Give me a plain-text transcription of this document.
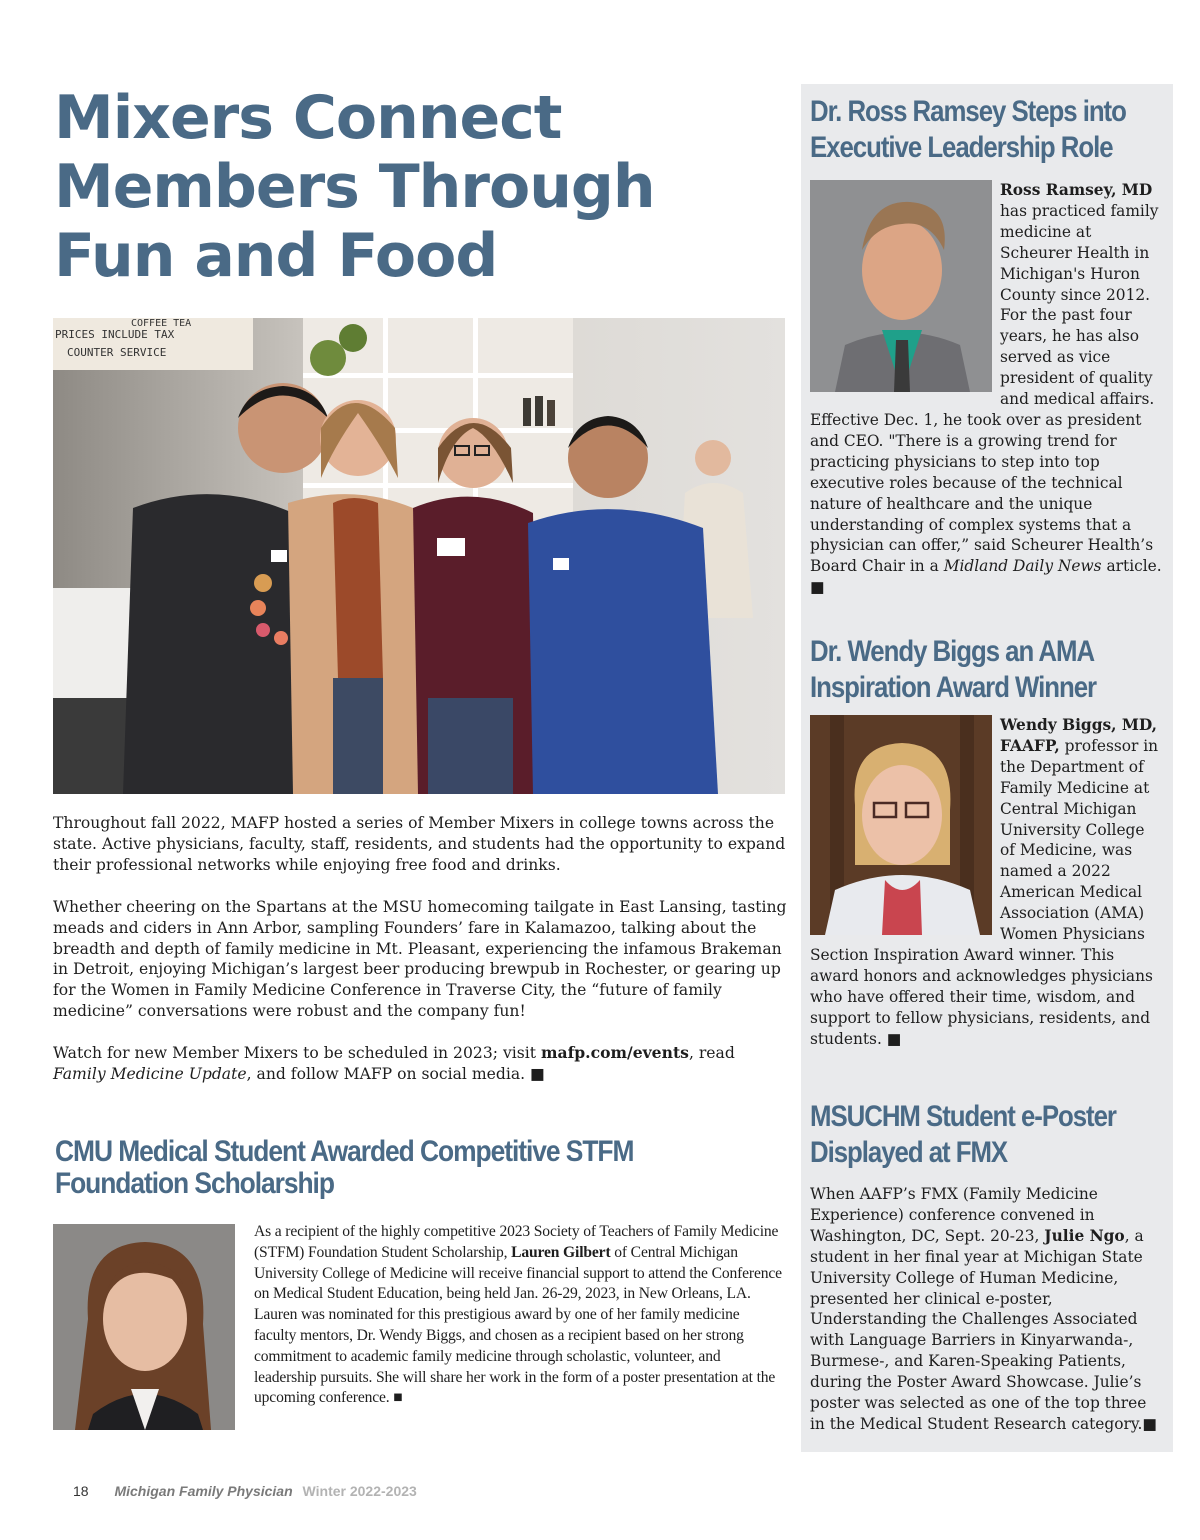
Mixers Connect
Members Through
Fun and Food
COFFEE TEA
PRICES INCLUDE TAX
COUNTER SERVICE

Throughout fall 2022, MAFP hosted a series of Member Mixers in college towns across the state. Active physicians, faculty, staff, residents, and students had the opportunity to expand their professional networks while enjoying free food and drinks.

Whether cheering on the Spartans at the MSU homecoming tailgate in East Lansing, tasting meads and ciders in Ann Arbor, sampling Founders’ fare in Kalamazoo, talking about the breadth and depth of family medicine in Mt. Pleasant, experiencing the infamous Brakeman in Detroit, enjoying Michigan’s largest beer producing brewpub in Rochester, or gearing up for the Women in Family Medicine Conference in Traverse City, the “future of family medicine” conversations were robust and the company fun!

Watch for new Member Mixers to be scheduled in 2023; visit mafp.com/events, read Family Medicine Update, and follow MAFP on social media. ■

CMU Medical Student Awarded Competitive STFM
Foundation Scholarship

As a recipient of the highly competitive 2023 Society of Teachers of Family Medicine (STFM) Foundation Student Scholarship, Lauren Gilbert of Central Michigan University College of Medicine will receive financial support to attend the Conference on Medical Student Education, being held Jan. 26-29, 2023, in New Orleans, LA. Lauren was nominated for this prestigious award by one of her family medicine faculty mentors, Dr. Wendy Biggs, and chosen as a recipient based on her strong commitment to academic family medicine through scholastic, volunteer, and leadership pursuits. She will share her work in the form of a poster presentation at the upcoming conference. ■

Dr. Ross Ramsey Steps into
Executive Leadership Role
Ross Ramsey, MD has practiced family medicine at Scheurer Health in Michigan's Huron County since 2012. For the past four years, he has also served as vice president of quality and medical affairs. Effective Dec. 1, he took over as president and CEO. "There is a growing trend for practicing physicians to step into top executive roles because of the technical nature of healthcare and the unique understanding of complex systems that a physician can offer,” said Scheurer Health’s Board Chair in a Midland Daily News article. ■
Dr. Wendy Biggs an AMA
Inspiration Award Winner
Wendy Biggs, MD, FAAFP, professor in the Department of Family Medicine at Central Michigan University College of Medicine, was named a 2022 American Medical Association (AMA) Women Physicians Section Inspiration Award winner. This award honors and acknowledges physicians who have offered their time, wisdom, and support to fellow physicians, residents, and students. ■
MSUCHM Student e-Poster
Displayed at FMX

When AAFP’s FMX (Family Medicine Experience) conference convened in Washington, DC, Sept. 20-23, Julie Ngo, a student in her final year at Michigan State University College of Human Medicine, presented her clinical e-poster, Understanding the Challenges Associated with Language Barriers in Kinyarwanda-, Burmese-, and Karen-Speaking Patients, during the Poster Award Showcase. Julie’s poster was selected as one of the top three in the Medical Student Research category.■

18 Michigan Family Physician Winter 2022-2023
